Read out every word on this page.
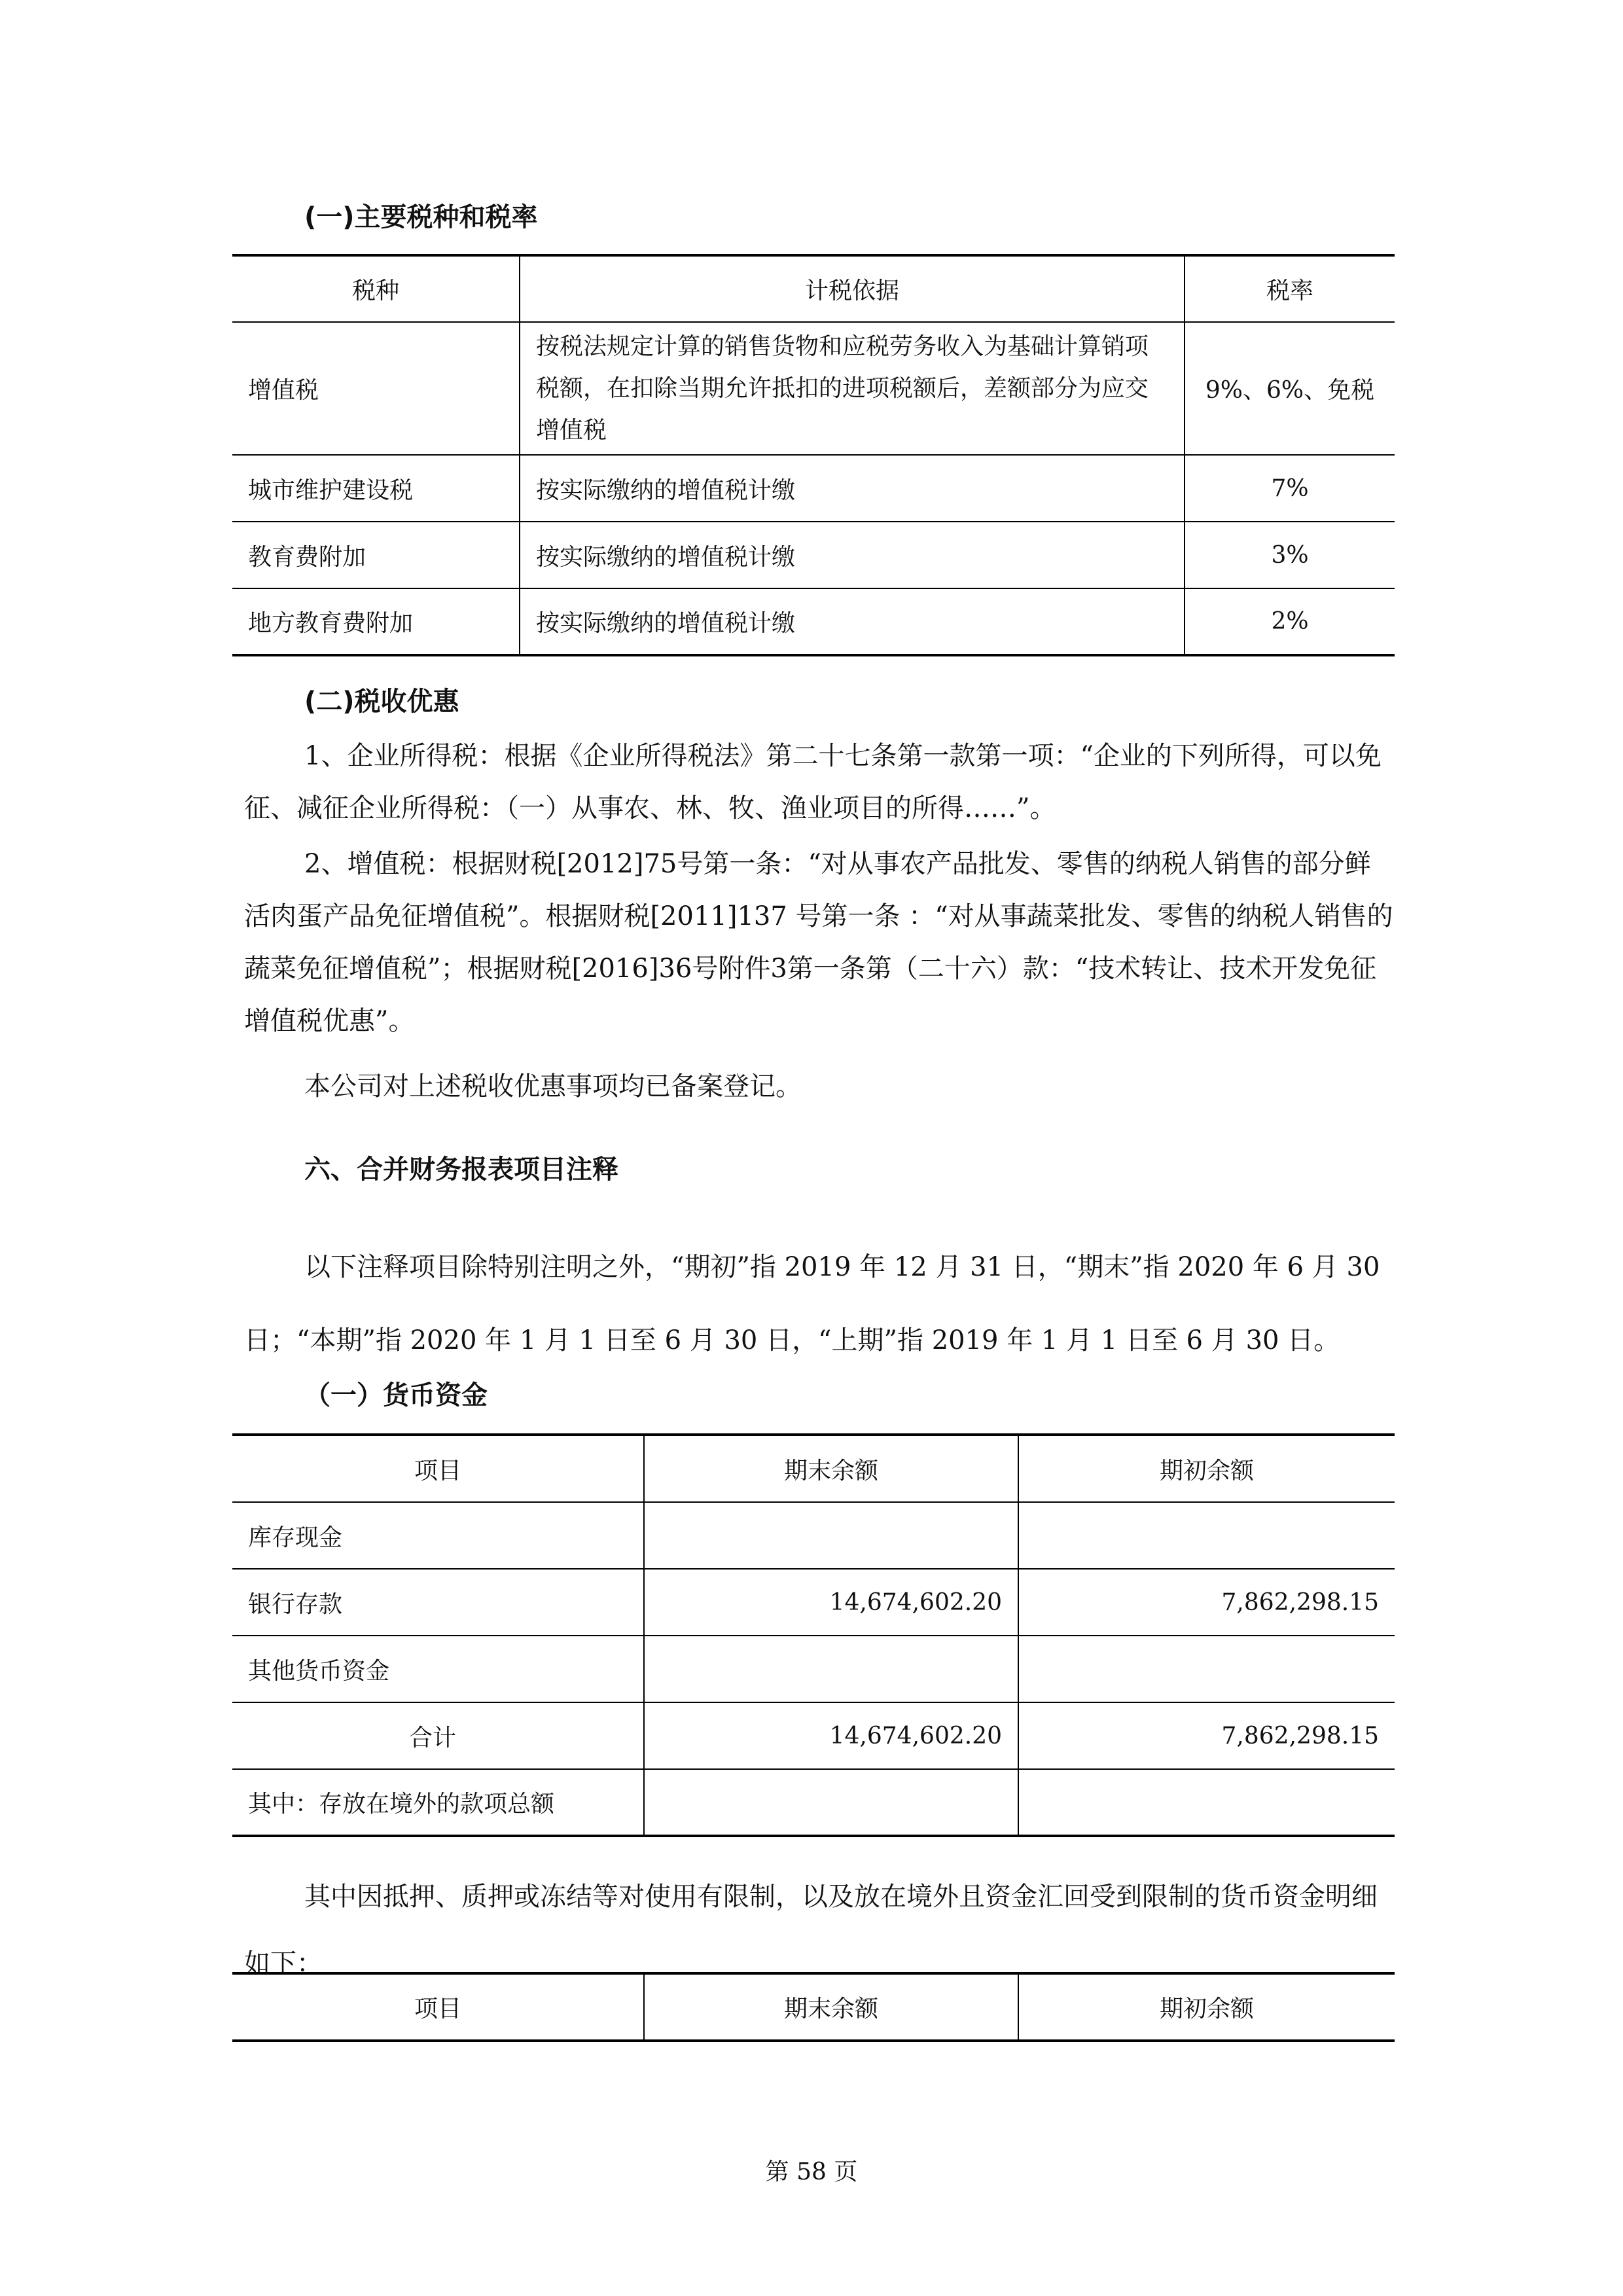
(一)主要税种和税率
税种	计税依据	税率
增值税	按税法规定计算的销售货物和应税劳务收入为基础计算销项税额，在扣除当期允许抵扣的进项税额后，差额部分为应交增值税	9%、6%、免税
城市维护建设税	按实际缴纳的增值税计缴	7%
教育费附加	按实际缴纳的增值税计缴	3%
地方教育费附加	按实际缴纳的增值税计缴	2%
(二)税收优惠
1、企业所得税：根据《企业所得税法》第二十七条第一款第一项：“企业的下列所得，可以免征、减征企业所得税：（一）从事农、林、牧、渔业项目的所得……”。
2、增值税：根据财税[2012]75号第一条：“对从事农产品批发、零售的纳税人销售的部分鲜活肉蛋产品免征增值税”。根据财税[2011]137 号第一条 ：“对从事蔬菜批发、零售的纳税人销售的蔬菜免征增值税”；根据财税[2016]36号附件3第一条第（二十六）款：“技术转让、技术开发免征增值税优惠”。
本公司对上述税收优惠事项均已备案登记。
六、合并财务报表项目注释
以下注释项目除特别注明之外，“期初”指 2019 年 12 月 31 日，“期末”指 2020 年 6 月 30 日；“本期”指 2020 年 1 月 1 日至 6 月 30 日，“上期”指 2019 年 1 月 1 日至 6 月 30 日。
（一）货币资金
项目	期末余额	期初余额
库存现金		
银行存款	14,674,602.20	7,862,298.15
其他货币资金		
合计	14,674,602.20	7,862,298.15
其中：存放在境外的款项总额		
其中因抵押、质押或冻结等对使用有限制，以及放在境外且资金汇回受到限制的货币资金明细如下：
项目	期末余额	期初余额
第 58 页
